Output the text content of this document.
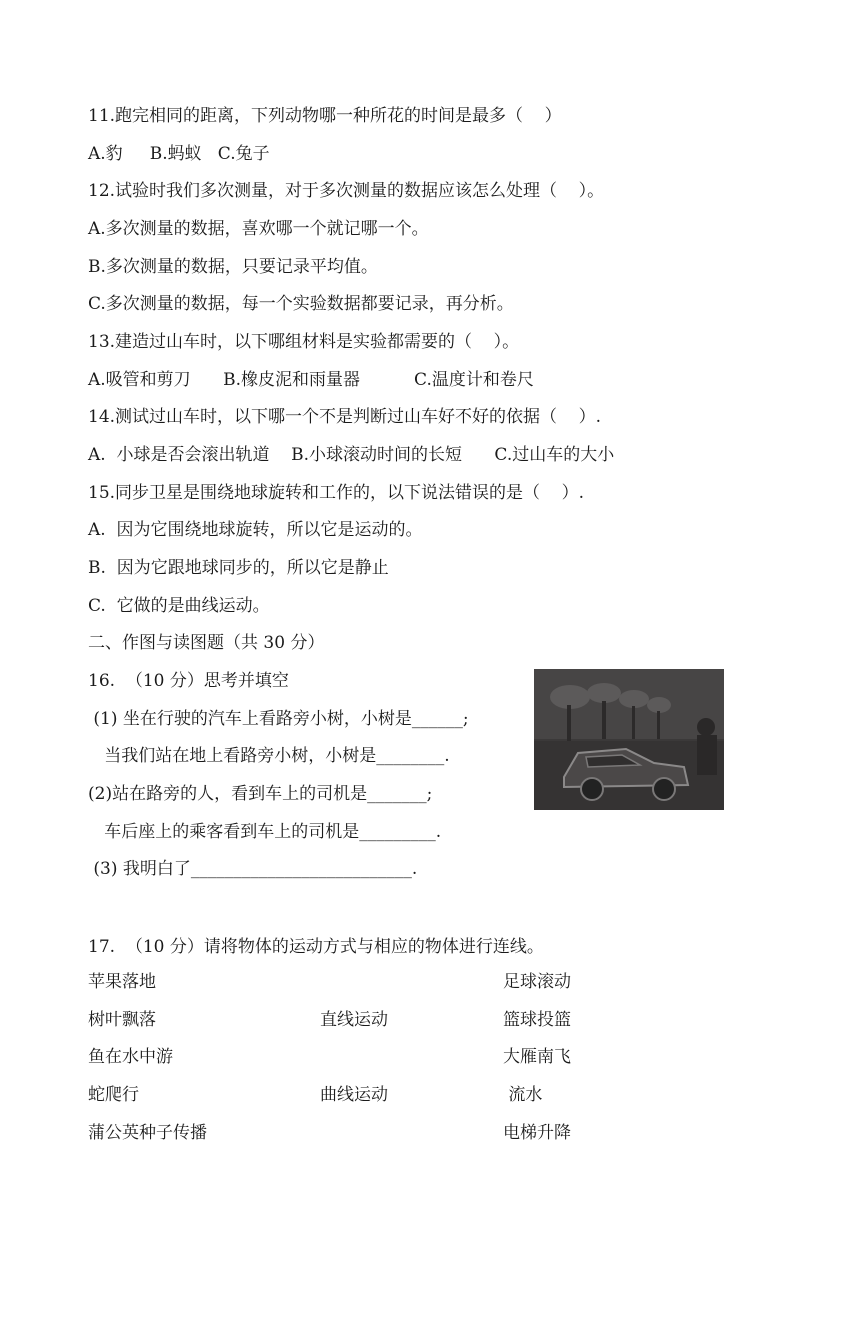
11.跑完相同的距离，下列动物哪一种所花的时间是最多（    ）
A.豹     B.蚂蚁   C.兔子
12.试验时我们多次测量，对于多次测量的数据应该怎么处理（    ）。
A.多次测量的数据，喜欢哪一个就记哪一个。
B.多次测量的数据，只要记录平均值。
C.多次测量的数据，每一个实验数据都要记录，再分析。
13.建造过山车时，以下哪组材料是实验都需要的（    ）。
A.吸管和剪刀      B.橡皮泥和雨量器          C.温度计和卷尺
14.测试过山车时，以下哪一个不是判断过山车好不好的依据（    ）.
A.  小球是否会滚出轨道    B.小球滚动时间的长短      C.过山车的大小
15.同步卫星是围绕地球旋转和工作的，以下说法错误的是（    ）.
A.  因为它围绕地球旋转，所以它是运动的。
B.  因为它跟地球同步的，所以它是静止
C.  它做的是曲线运动。
二、作图与读图题（共 30 分）
16.  （10 分）思考并填空
(1) 坐在行驶的汽车上看路旁小树，小树是______;
当我们站在地上看路旁小树，小树是________.
(2)站在路旁的人，看到车上的司机是_______;
车后座上的乘客看到车上的司机是_________.
(3) 我明白了__________________________.
17.  （10 分）请将物体的运动方式与相应的物体进行连线。
苹果落地
树叶飘落
鱼在水中游
蛇爬行
蒲公英种子传播
直线运动
曲线运动
足球滚动
篮球投篮
大雁南飞
流水
电梯升降
